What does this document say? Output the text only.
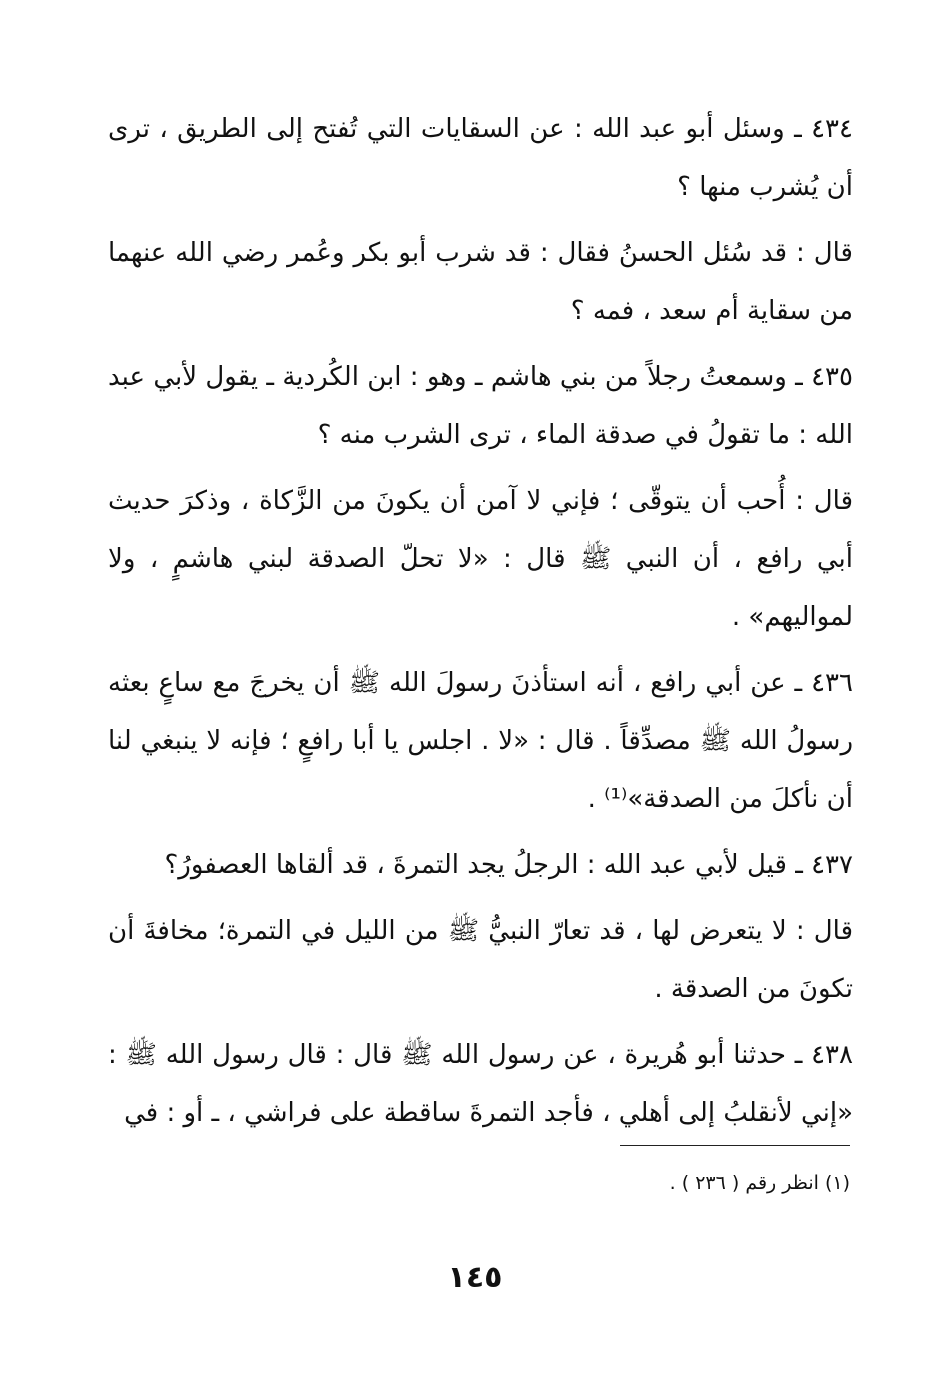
٤٣٤ ـ وسئل أبو عبد الله : عن السقايات التي تُفتح إلى الطريق ، ترى أن يُشرب منها ؟

قال : قد سُئل الحسنُ فقال : قد شرب أبو بكر وعُمر رضي الله عنهما من سقاية أم سعد ، فمه ؟

٤٣٥ ـ وسمعتُ رجلاً من بني هاشم ـ وهو : ابن الكُردية ـ يقول لأبي عبد الله : ما تقولُ في صدقة الماء ، ترى الشرب منه ؟

قال : أُحب أن يتوقّى ؛ فإني لا آمن أن يكونَ من الزَّكاة ، وذكرَ حديث أبي رافع ، أن النبي ﷺ قال : «لا تحلّ الصدقة لبني هاشمٍ ، ولا لمواليهم» .

٤٣٦ ـ عن أبي رافع ، أنه استأذنَ رسولَ الله ﷺ أن يخرجَ مع ساعٍ بعثه رسولُ الله ﷺ مصدِّقاً . قال : «لا . اجلس يا أبا رافعٍ ؛ فإنه لا ينبغي لنا أن نأكلَ من الصدقة»⁽¹⁾ .

٤٣٧ ـ قيل لأبي عبد الله : الرجلُ يجد التمرةَ ، قد ألقاها العصفورُ؟

قال : لا يتعرض لها ، قد تعارّ النبيُّ ﷺ من الليل في التمرة؛ مخافةَ أن تكونَ من الصدقة .

٤٣٨ ـ حدثنا أبو هُريرة ، عن رسول الله ﷺ قال : قال رسول الله ﷺ : «إني لأنقلبُ إلى أهلي ، فأجد التمرةَ ساقطة على فراشي ، ـ أو : في

(١) انظر رقم ( ٢٣٦ ) .

١٤٥
